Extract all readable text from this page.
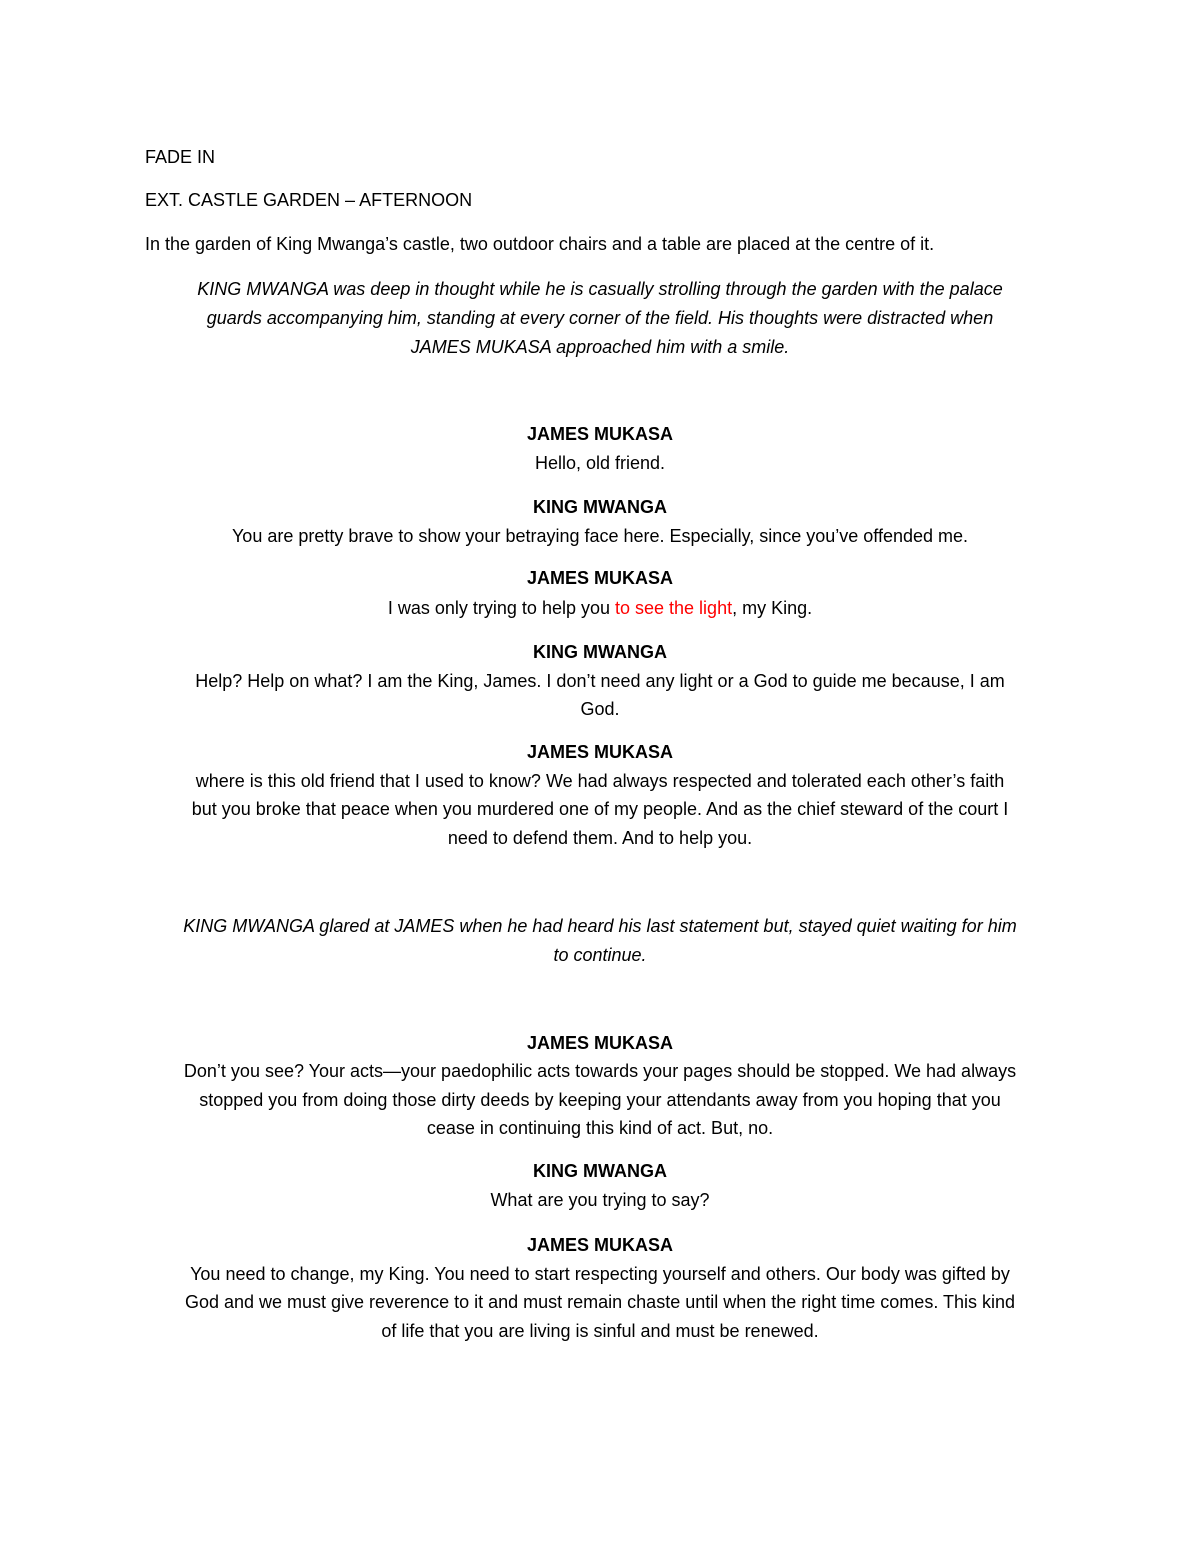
FADE IN
EXT. CASTLE GARDEN – AFTERNOON
In the garden of King Mwanga’s castle, two outdoor chairs and a table are placed at the centre of it.
KING MWANGA was deep in thought while he is casually strolling through the garden with the palace
guards accompanying him, standing at every corner of the field. His thoughts were distracted when
JAMES MUKASA approached him with a smile.
JAMES MUKASA
Hello, old friend.
KING MWANGA
You are pretty brave to show your betraying face here. Especially, since you’ve offended me.
JAMES MUKASA
I was only trying to help you to see the light, my King.
KING MWANGA
Help? Help on what? I am the King, James. I don’t need any light or a God to guide me because, I am
God.
JAMES MUKASA
where is this old friend that I used to know? We had always respected and tolerated each other’s faith
but you broke that peace when you murdered one of my people. And as the chief steward of the court I
need to defend them. And to help you.
KING MWANGA glared at JAMES when he had heard his last statement but, stayed quiet waiting for him
to continue.
JAMES MUKASA
Don’t you see? Your acts—your paedophilic acts towards your pages should be stopped. We had always
stopped you from doing those dirty deeds by keeping your attendants away from you hoping that you
cease in continuing this kind of act. But, no.
KING MWANGA
What are you trying to say?
JAMES MUKASA
You need to change, my King. You need to start respecting yourself and others. Our body was gifted by
God and we must give reverence to it and must remain chaste until when the right time comes. This kind
of life that you are living is sinful and must be renewed.
